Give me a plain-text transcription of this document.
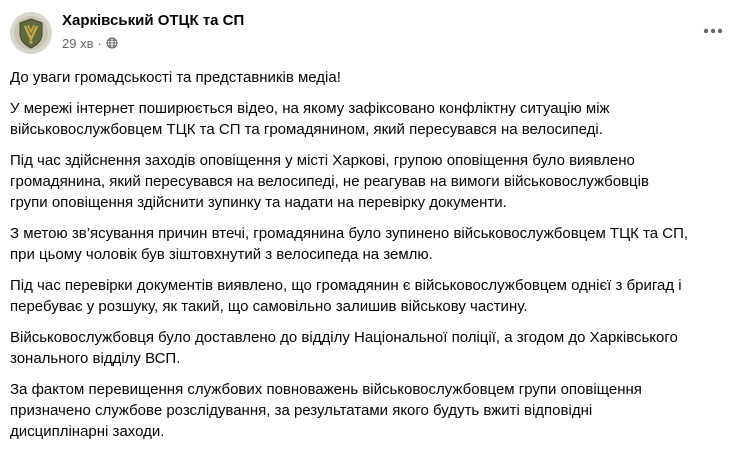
Харківський ОТЦК та СП
29 хв ·

До уваги громадськості та представників медіа!

У мережі інтернет поширюється відео, на якому зафіксовано конфліктну ситуацію між
військовослужбовцем ТЦК та СП та громадянином, який пересувався на велосипеді.

Під час здійснення заходів оповіщення у місті Харкові, групою оповіщення було виявлено
громадянина, який пересувався на велосипеді, не реагував на вимоги військовослужбовців
групи оповіщення здійснити зупинку та надати на перевірку документи.

З метою зв’ясування причин втечі, громадянина було зупинено військовослужбовцем ТЦК та СП,
при цьому чоловік був зіштовхнутий з велосипеда на землю.

Під час перевірки документів виявлено, що громадянин є військовослужбовцем однієї з бригад і
перебуває у розшуку, як такий, що самовільно залишив військову частину.

Військовослужбовця було доставлено до відділу Національної поліції, а згодом до Харківського
зонального відділу ВСП.

За фактом перевищення службових повноважень військовослужбовцем групи оповіщення
призначено службове розслідування, за результатами якого будуть вжиті відповідні
дисциплінарні заходи.
